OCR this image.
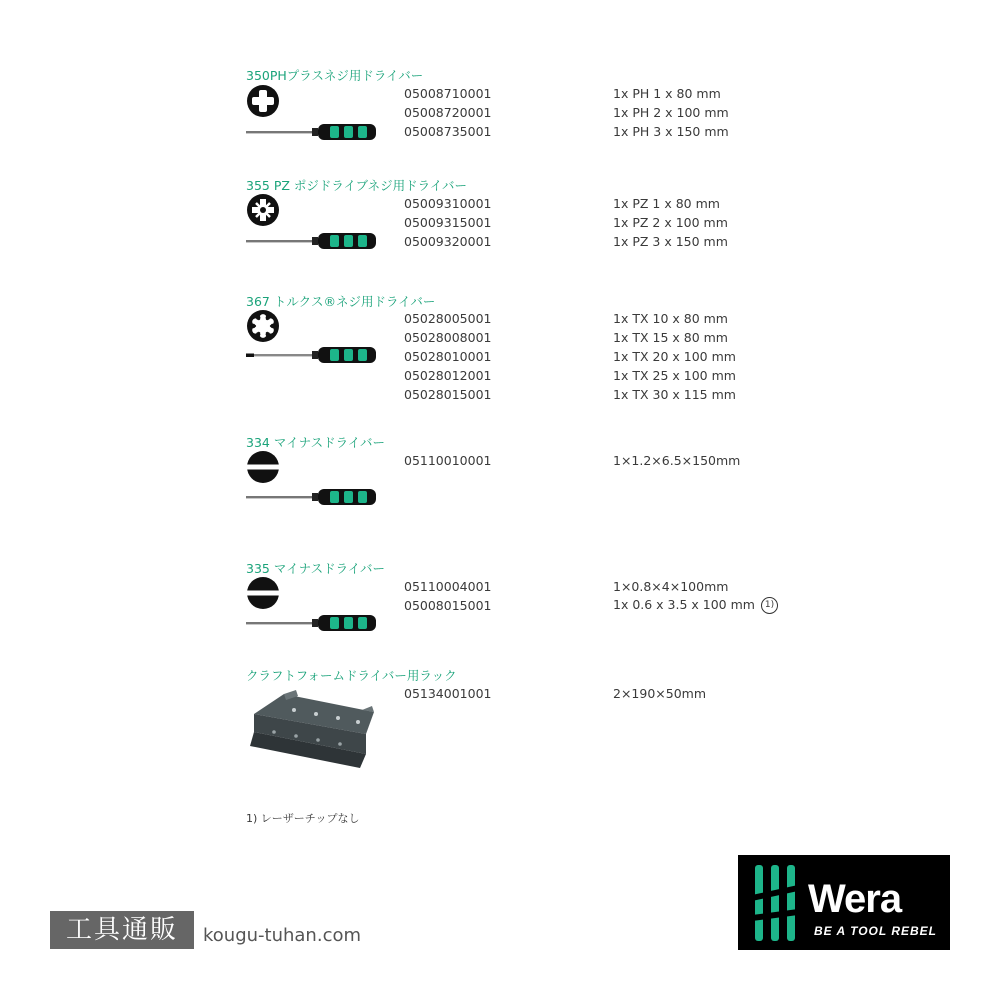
350PHプラスネジ用ドライバー
05008710001	1x PH 1 x 80 mm
05008720001	1x PH 2 x 100 mm
05008735001	1x PH 3 x 150 mm
355 PZ ポジドライブネジ用ドライバー
05009310001	1x PZ 1 x 80 mm
05009315001	1x PZ 2 x 100 mm
05009320001	1x PZ 3 x 150 mm
367 トルクス®ネジ用ドライバー
05028005001	1x TX 10 x 80 mm
05028008001	1x TX 15 x 80 mm
05028010001	1x TX 20 x 100 mm
05028012001	1x TX 25 x 100 mm
05028015001	1x TX 30 x 115 mm
334 マイナスドライバー
05110010001	1×1.2×6.5×150mm
335 マイナスドライバー
05110004001	1×0.8×4×100mm
05008015001	1x 0.6 x 3.5 x 100 mm 1)
クラフトフォームドライバー用ラック
05134001001	2×190×50mm
1) レーザーチップなし
工具通販	kougu-tuhan.com
Wera
BE A TOOL REBEL
